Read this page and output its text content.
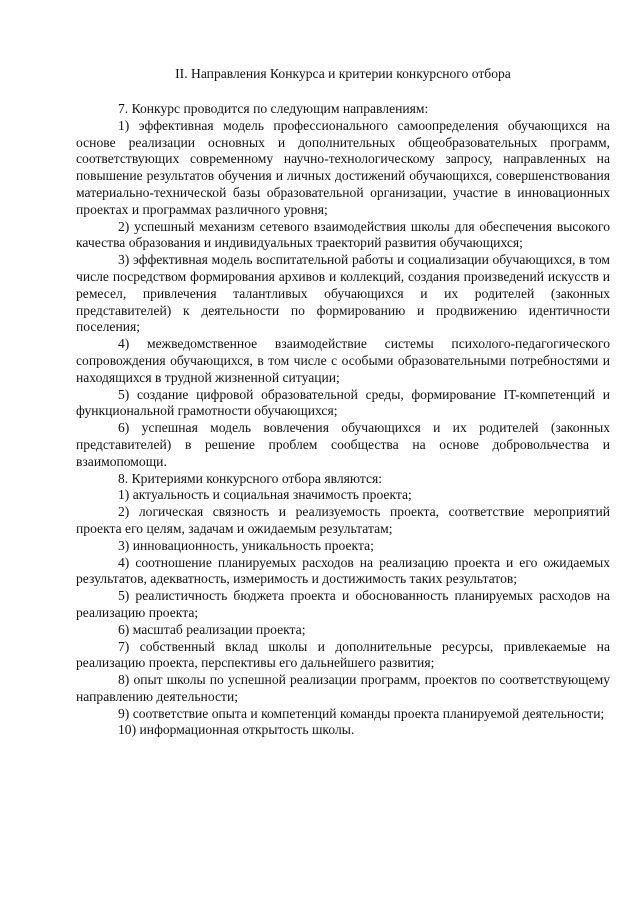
II. Направления Конкурса и критерии конкурсного отбора

7. Конкурс проводится по следующим направлениям:

1) эффективная модель профессионального самоопределения обучающихся на основе реализации основных и дополнительных общеобразовательных программ, соответствующих современному научно-технологическому запросу, направленных на повышение результатов обучения и личных достижений обучающихся, совершенствования материально-технической базы образовательной организации, участие в инновационных проектах и программах различного уровня;

2) успешный механизм сетевого взаимодействия школы для обеспечения высокого качества образования и индивидуальных траекторий развития обучающихся;

3) эффективная модель воспитательной работы и социализации обучающихся, в том числе посредством формирования архивов и коллекций, создания произведений искусств и ремесел, привлечения талантливых обучающихся и их родителей (законных представителей) к деятельности по формированию и продвижению идентичности поселения;

4) межведомственное взаимодействие системы психолого-педагогического сопровождения обучающихся, в том числе с особыми образовательными потребностями и находящихся в трудной жизненной ситуации;

5) создание цифровой образовательной среды, формирование IT-компетенций и функциональной грамотности обучающихся;

6) успешная модель вовлечения обучающихся и их родителей (законных представителей) в решение проблем сообщества на основе добровольчества и взаимопомощи.

8. Критериями конкурсного отбора являются:

1) актуальность и социальная значимость проекта;

2) логическая связность и реализуемость проекта, соответствие мероприятий проекта его целям, задачам и ожидаемым результатам;

3) инновационность, уникальность проекта;

4) соотношение планируемых расходов на реализацию проекта и его ожидаемых результатов, адекватность, измеримость и достижимость таких результатов;

5) реалистичность бюджета проекта и обоснованность планируемых расходов на реализацию проекта;

6) масштаб реализации проекта;

7) собственный вклад школы и дополнительные ресурсы, привлекаемые на реализацию проекта, перспективы его дальнейшего развития;

8) опыт школы по успешной реализации программ, проектов по соответствующему направлению деятельности;

9) соответствие опыта и компетенций команды проекта планируемой деятельности;

10) информационная открытость школы.
